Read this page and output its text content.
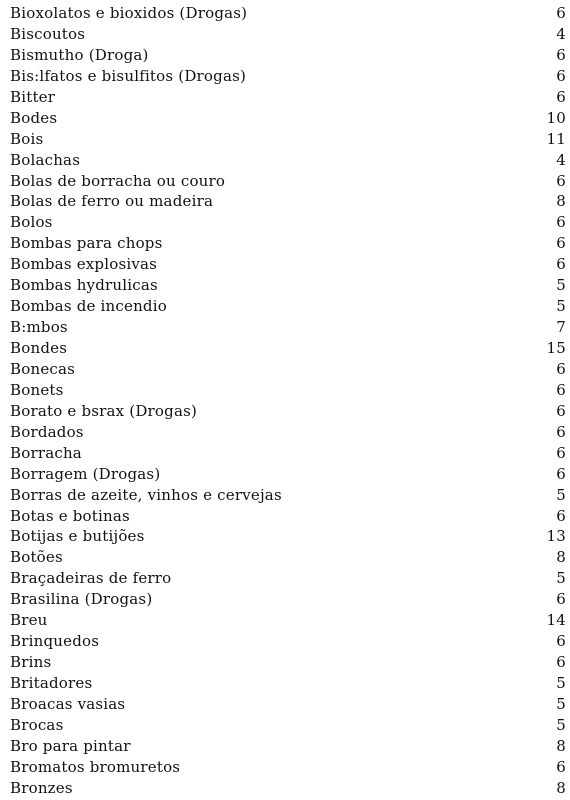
Bioxolatos e bioxidos (Drogas)	6
Biscoutos	4
Bismutho (Droga)	6
Bis:lfatos e bisulfitos (Drogas)	6
Bitter	6
Bodes	10
Bois	11
Bolachas	4
Bolas de borracha ou couro	6
Bolas de ferro ou madeira	8
Bolos	6
Bombas para chops	6
Bombas explosivas	6
Bombas hydrulicas	5
Bombas de incendio	5
B:mbos	7
Bondes	15
Bonecas	6
Bonets	6
Borato e bsrax (Drogas)	6
Bordados	6
Borracha	6
Borragem (Drogas)	6
Borras de azeite, vinhos e cervejas	5
Botas e botinas	6
Botijas e butijões	13
Botões	8
Braçadeiras de ferro	5
Brasilina (Drogas)	6
Breu	14
Brinquedos	6
Brins	6
Britadores	5
Broacas vasias	5
Brocas	5
Bro para pintar	8
Bromatos bromuretos	6
Bronzes	8
